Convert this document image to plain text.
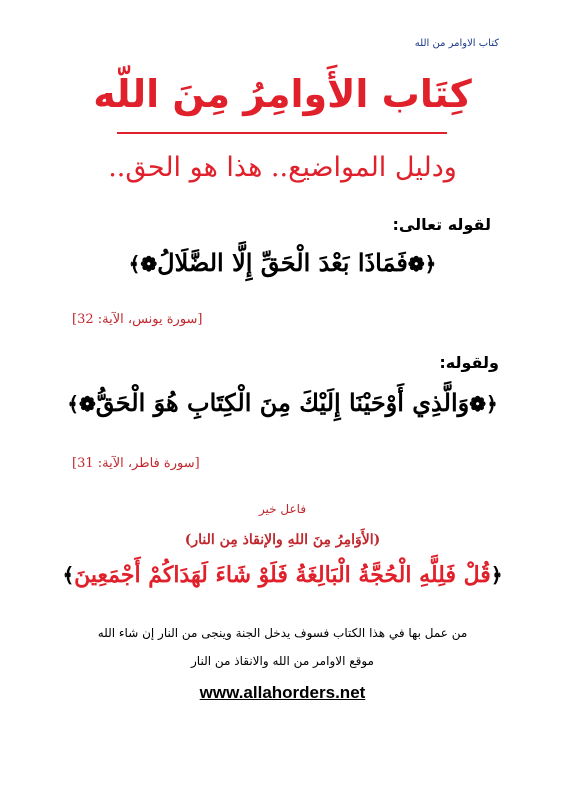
كتاب الاوامر من الله
كِتَاب الأَوامِرُ مِنَ اللّه
ودليل المواضيع.. هذا هو الحق..
لقوله تعالى:
﴿❁فَمَاذَا بَعْدَ الْحَقِّ إِلَّا الضَّلَالُ❁﴾
[سورة يونس، الآية: 32]
ولقوله:
﴿❁وَالَّذِي أَوْحَيْنَا إِلَيْكَ مِنَ الْكِتَابِ هُوَ الْحَقُّ❁﴾
[سورة فاطر، الآية: 31]
فاعل خير
(الأَوَامِرُ مِنَ اللهِ والإنقاذ مِن النار)
﴿قُلْ فَلِلَّهِ الْحُجَّةُ الْبَالِغَةُ فَلَوْ شَاءَ لَهَدَاكُمْ أَجْمَعِينَ﴾
من عمل بها في هذا الكتاب فسوف يدخل الجنة وينجى من النار إن شاء الله
موقع الاوامر من الله والانقاذ من النار
www.allahorders.net
